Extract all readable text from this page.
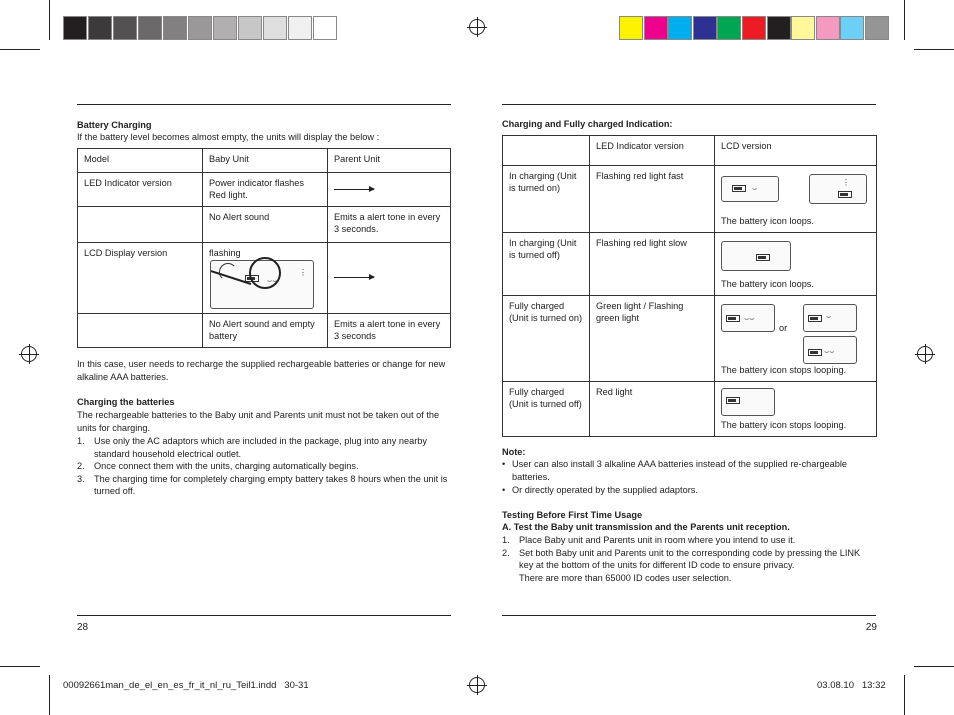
Battery Charging
If the battery level becomes almost empty, the units will display the below :
Model	Baby Unit	Parent Unit
LED Indicator version	Power indicator flashes Red light.	

	No Alert sound	Emits a alert tone in every 3 seconds.
LCD Display version	flashing
⌣⌣
⋮	

	No Alert sound and empty battery	Emits a alert tone in every 3 seconds
In this case, user needs to recharge the supplied rechargeable batteries or change for new alkaline AAA batteries.
Charging the batteries
The rechargeable batteries to the Baby unit and Parents unit must not be taken out of the units for charging.
1. Use only the AC adaptors which are included in the package, plug into any nearby standard household electrical outlet.
2. Once connect them with the units, charging automatically begins.
3. The charging time for completely charging empty battery takes 8 hours when the unit is turned off.
28
Charging and Fully charged Indication:
	LED Indicator version	LCD version
In charging (Unit is turned on)	Flashing red light fast	⌣
⋮
The battery icon loops.

In charging (Unit is turned off)	Flashing red light slow	The battery icon loops.

Fully charged (Unit is turned on)	Green light / Flashing green light	⌣⌣
or
⌣
⌣⌣
The battery icon stops looping.

Fully charged (Unit is turned off)	Red light	The battery icon stops looping.
Note:
• User can also install 3 alkaline AAA batteries instead of the supplied re-chargeable batteries.
• Or directly operated by the supplied adaptors.
Testing Before First Time Usage
A. Test the Baby unit transmission and the Parents unit reception.
1. Place Baby unit and Parents unit in room where you intend to use it.
2. Set both Baby unit and Parents unit to the corresponding code by pressing the LINK key at the bottom of the units for different ID code to ensure privacy.
There are more than 65000 ID codes user selection.
29
00092661man_de_el_en_es_fr_it_nl_ru_Teil1.indd   30-31	03.08.10   13:32
